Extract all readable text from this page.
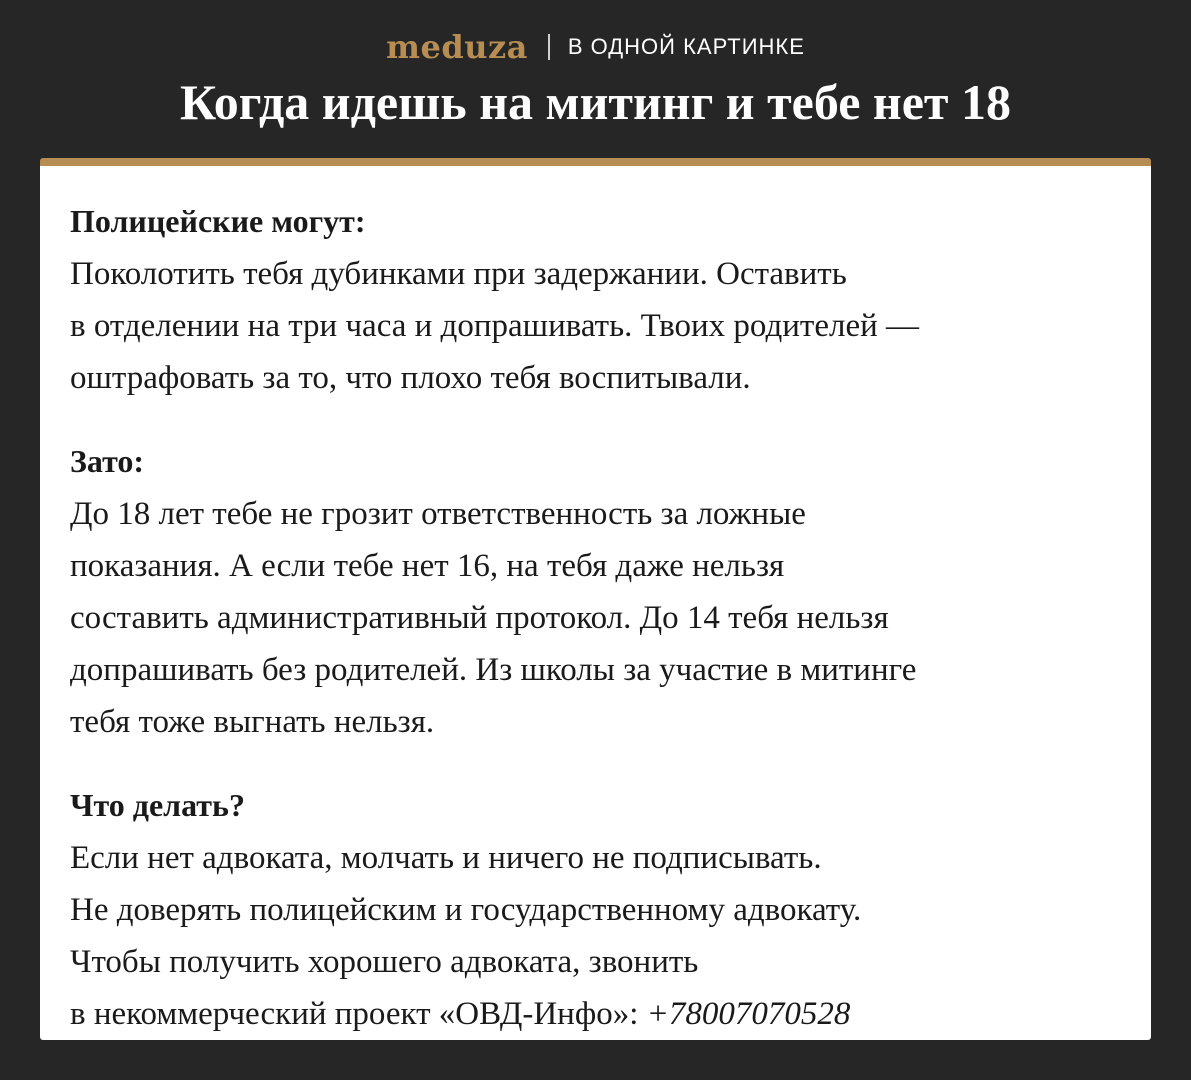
meduza В ОДНОЙ КАРТИНКЕ
Когда идешь на митинг и тебе нет 18
Полицейские могут:
Поколотить тебя дубинками при задержании. Оставить
в отделении на три часа и допрашивать. Твоих родителей —
оштрафовать за то, что плохо тебя воспитывали.
Зато:
До 18 лет тебе не грозит ответственность за ложные
показания. А если тебе нет 16, на тебя даже нельзя
составить административный протокол. До 14 тебя нельзя
допрашивать без родителей. Из школы за участие в митинге
тебя тоже выгнать нельзя.
Что делать?
Если нет адвоката, молчать и ничего не подписывать.
Не доверять полицейским и государственному адвокату.
Чтобы получить хорошего адвоката, звонить
в некоммерческий проект «ОВД-Инфо»: +78007070528
